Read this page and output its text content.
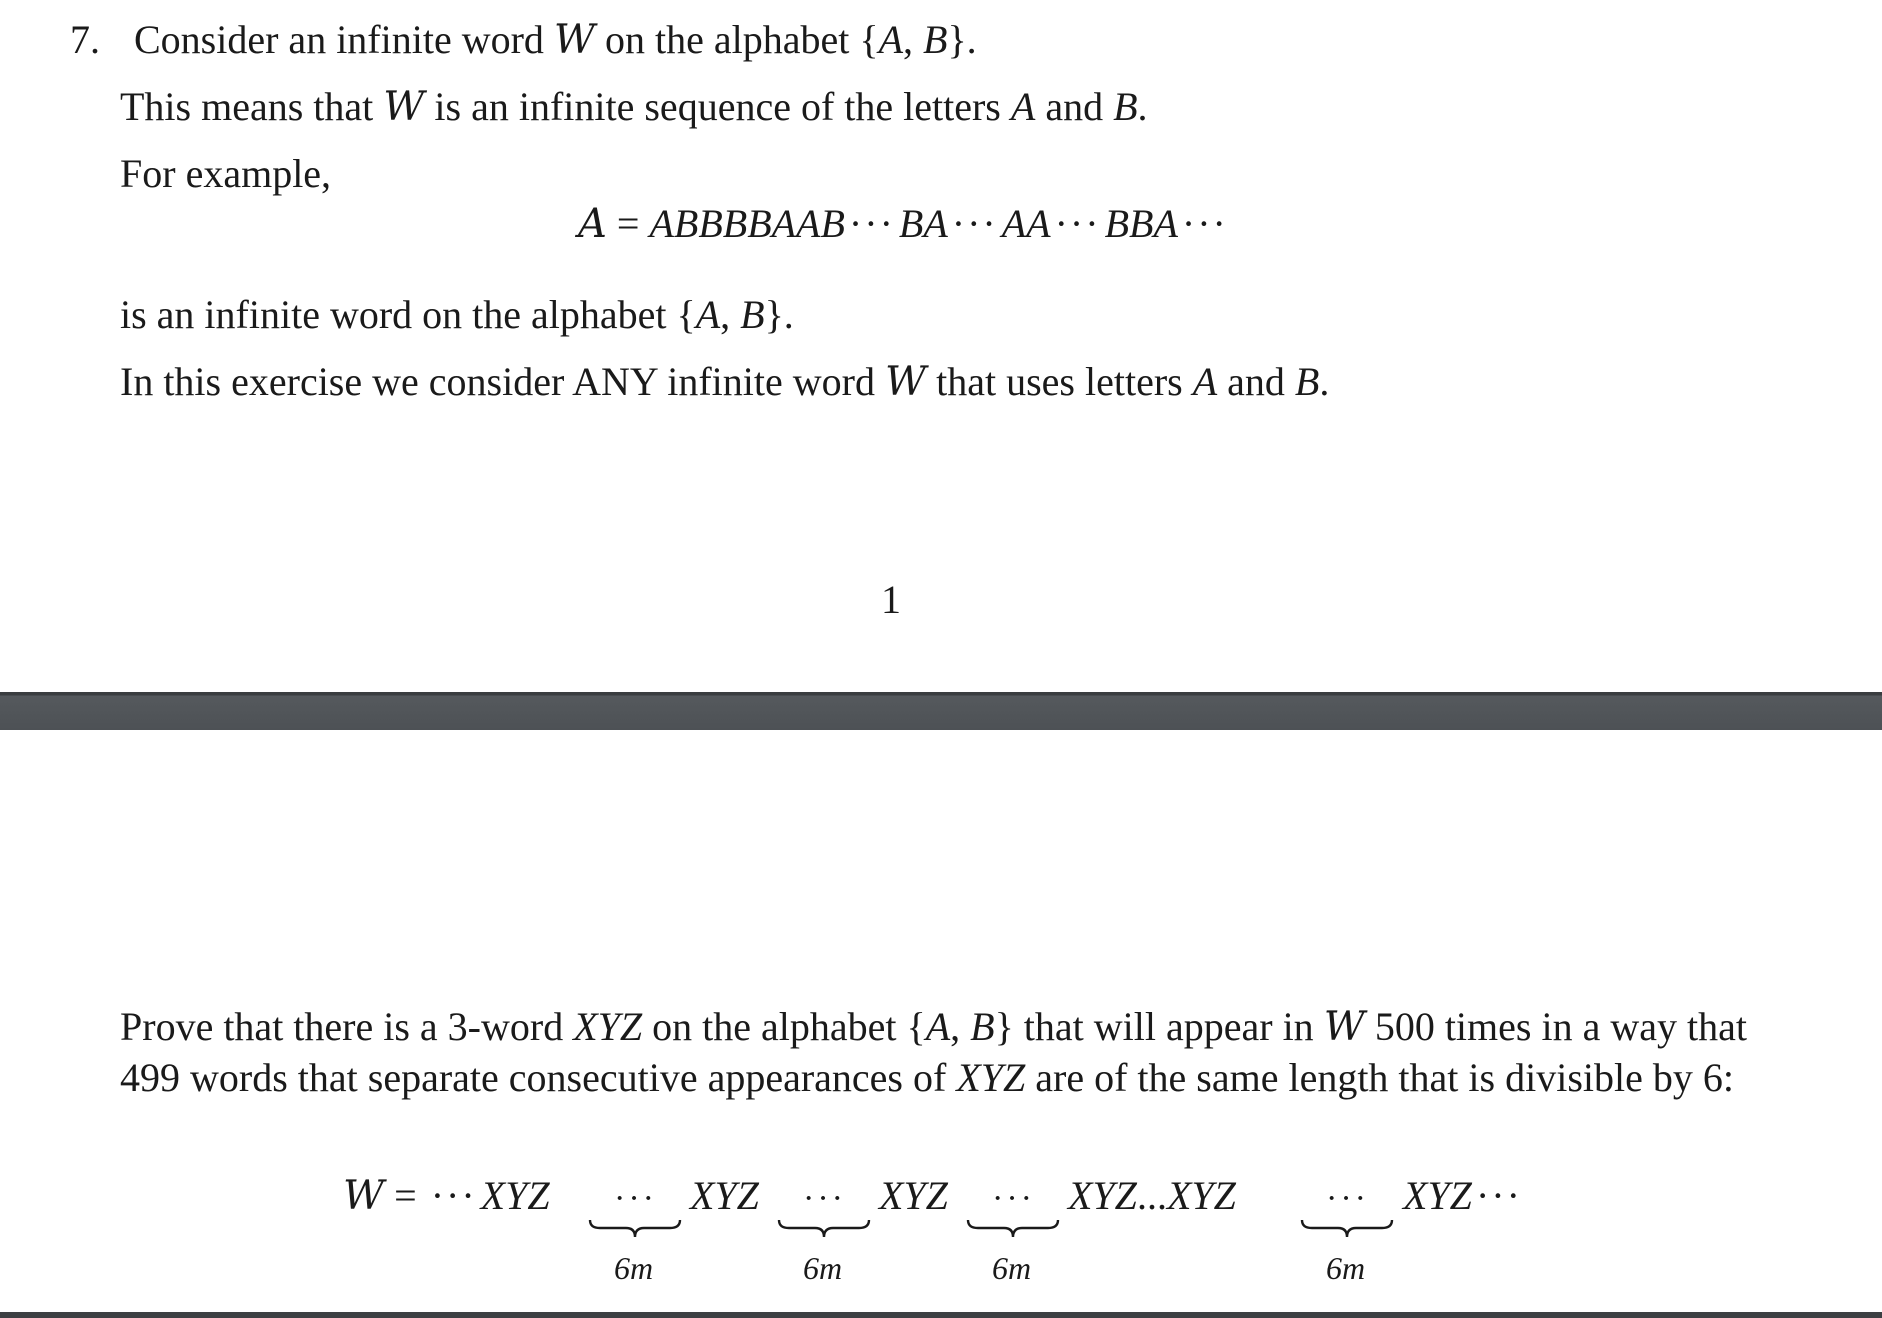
7. Consider an infinite word W on the alphabet {A, B}.
This means that W is an infinite sequence of the letters A and B.
For example,
A = ABBBBAAB ··· BA ··· AA ··· BBA ···
is an infinite word on the alphabet {A, B}.
In this exercise we consider ANY infinite word W that uses letters A and B.
1
Prove that there is a 3-word XYZ on the alphabet {A, B} that will appear in W 500 times in a way that
499 words that separate consecutive appearances of XYZ are of the same length that is divisible by 6:
W = ··· XYZ	XYZ	XYZ	XYZ...XYZ	XYZ ···
···
6m
···
6m
···
6m
···
6m
